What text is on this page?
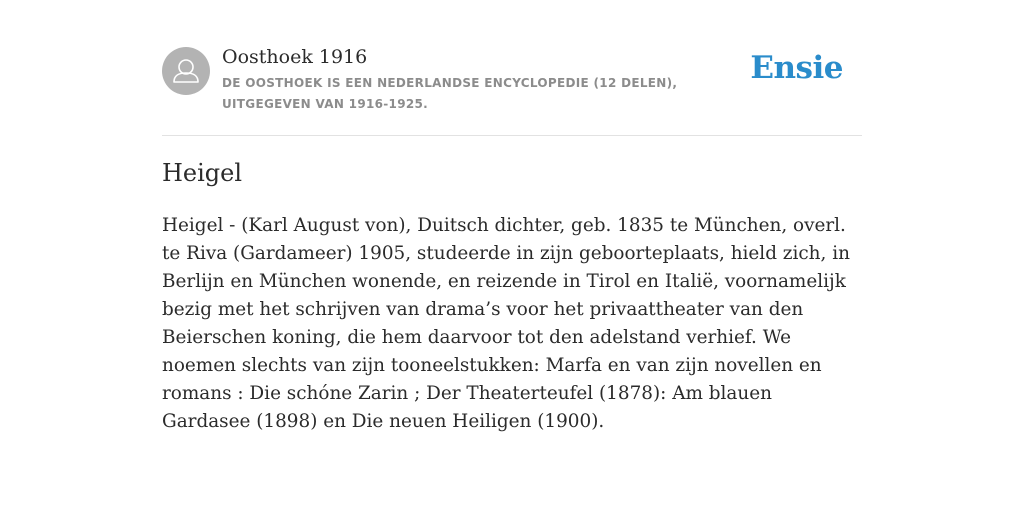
Oosthoek 1916
DE OOSTHOEK IS EEN NEDERLANDSE ENCYCLOPEDIE (12 DELEN), UITGEGEVEN VAN 1916-1925.
Ensie
Heigel

Heigel - (Karl August von), Duitsch dichter, geb. 1835 te München, overl. te Riva (Gardameer) 1905, studeerde in zijn geboorteplaats, hield zich, in Berlijn en München wonende, en reizende in Tirol en Italië, voornamelijk bezig met het schrijven van drama’s voor het privaattheater van den Beierschen koning, die hem daarvoor tot den adelstand verhief. We noemen slechts van zijn tooneelstukken: Marfa en van zijn novellen en romans : Die schóne Zarin ; Der Theaterteufel (1878): Am blauen Gardasee (1898) en Die neuen Heiligen (1900).
